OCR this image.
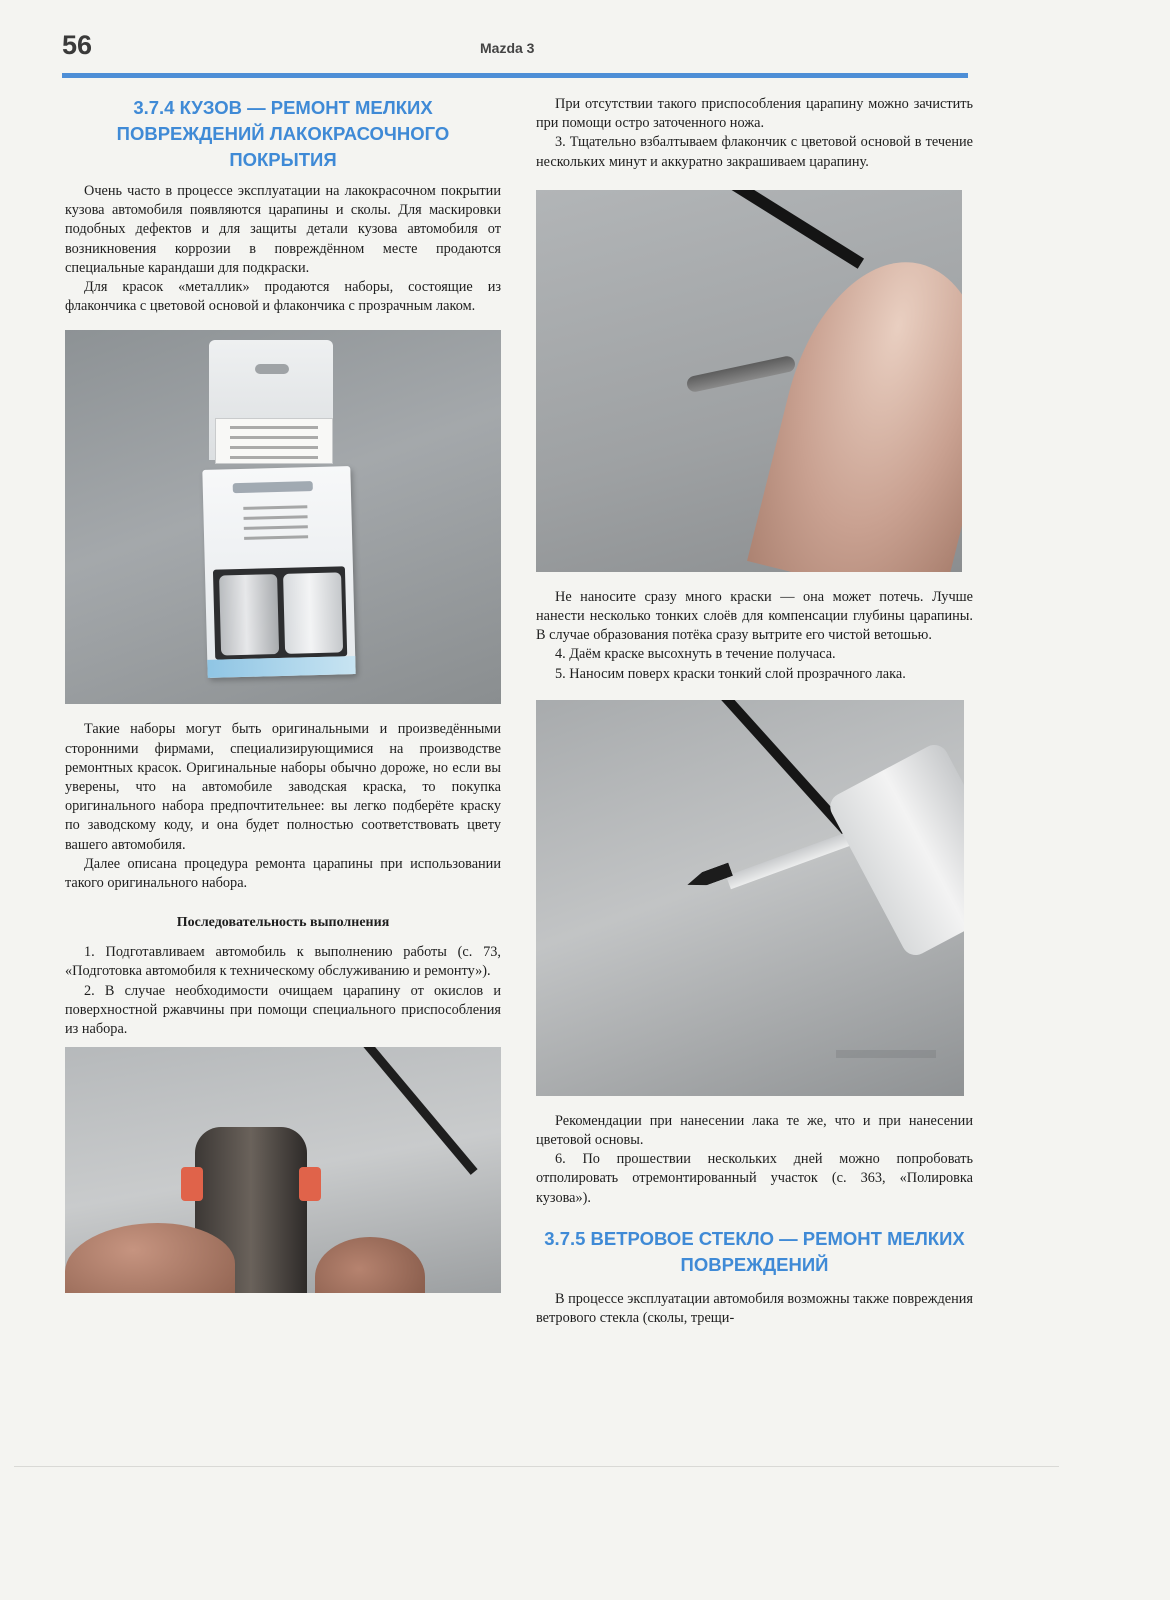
56	Mazda 3
3.7.4 КУЗОВ — РЕМОНТ МЕЛКИХ ПОВРЕЖДЕНИЙ ЛАКОКРАСОЧНОГО ПОКРЫТИЯ

Очень часто в процессе эксплуатации на лакокрасочном покрытии кузова автомобиля появляются царапины и сколы. Для маскировки подобных дефектов и для защиты детали кузова автомобиля от возникновения коррозии в повреждённом месте продаются специальные карандаши для подкраски.

Для красок «металлик» продаются наборы, состоящие из флакончика с цветовой основой и флакончика с прозрачным лаком.

Такие наборы могут быть оригинальными и произведёнными сторонними фирмами, специализирующимися на производстве ремонтных красок. Оригинальные наборы обычно дороже, но если вы уверены, что на автомобиле заводская краска, то покупка оригинального набора предпочтительнее: вы легко подберёте краску по заводскому коду, и она будет полностью соответствовать цвету вашего автомобиля.

Далее описана процедура ремонта царапины при использовании такого оригинального набора.

Последовательность выполнения

1. Подготавливаем автомобиль к выполнению работы (с. 73, «Подготовка автомобиля к техническому обслуживанию и ремонту»).

2. В случае необходимости очищаем царапину от окислов и поверхностной ржавчины при помощи специального приспособления из набора.

При отсутствии такого приспособления царапину можно зачистить при помощи остро заточенного ножа.

3. Тщательно взбалтываем флакончик с цветовой основой в течение нескольких минут и аккуратно закрашиваем царапину.

Не наносите сразу много краски — она может потечь. Лучше нанести несколько тонких слоёв для компенсации глубины царапины. В случае образования потёка сразу вытрите его чистой ветошью.

4. Даём краске высохнуть в течение получаса.

5. Наносим поверх краски тонкий слой прозрачного лака.

Рекомендации при нанесении лака те же, что и при нанесении цветовой основы.

6. По прошествии нескольких дней можно попробовать отполировать отремонтированный участок (с. 363, «Полировка кузова»).

3.7.5 ВЕТРОВОЕ СТЕКЛО — РЕМОНТ МЕЛКИХ ПОВРЕЖДЕНИЙ

В процессе эксплуатации автомобиля возможны также повреждения ветрового стекла (сколы, трещи-
